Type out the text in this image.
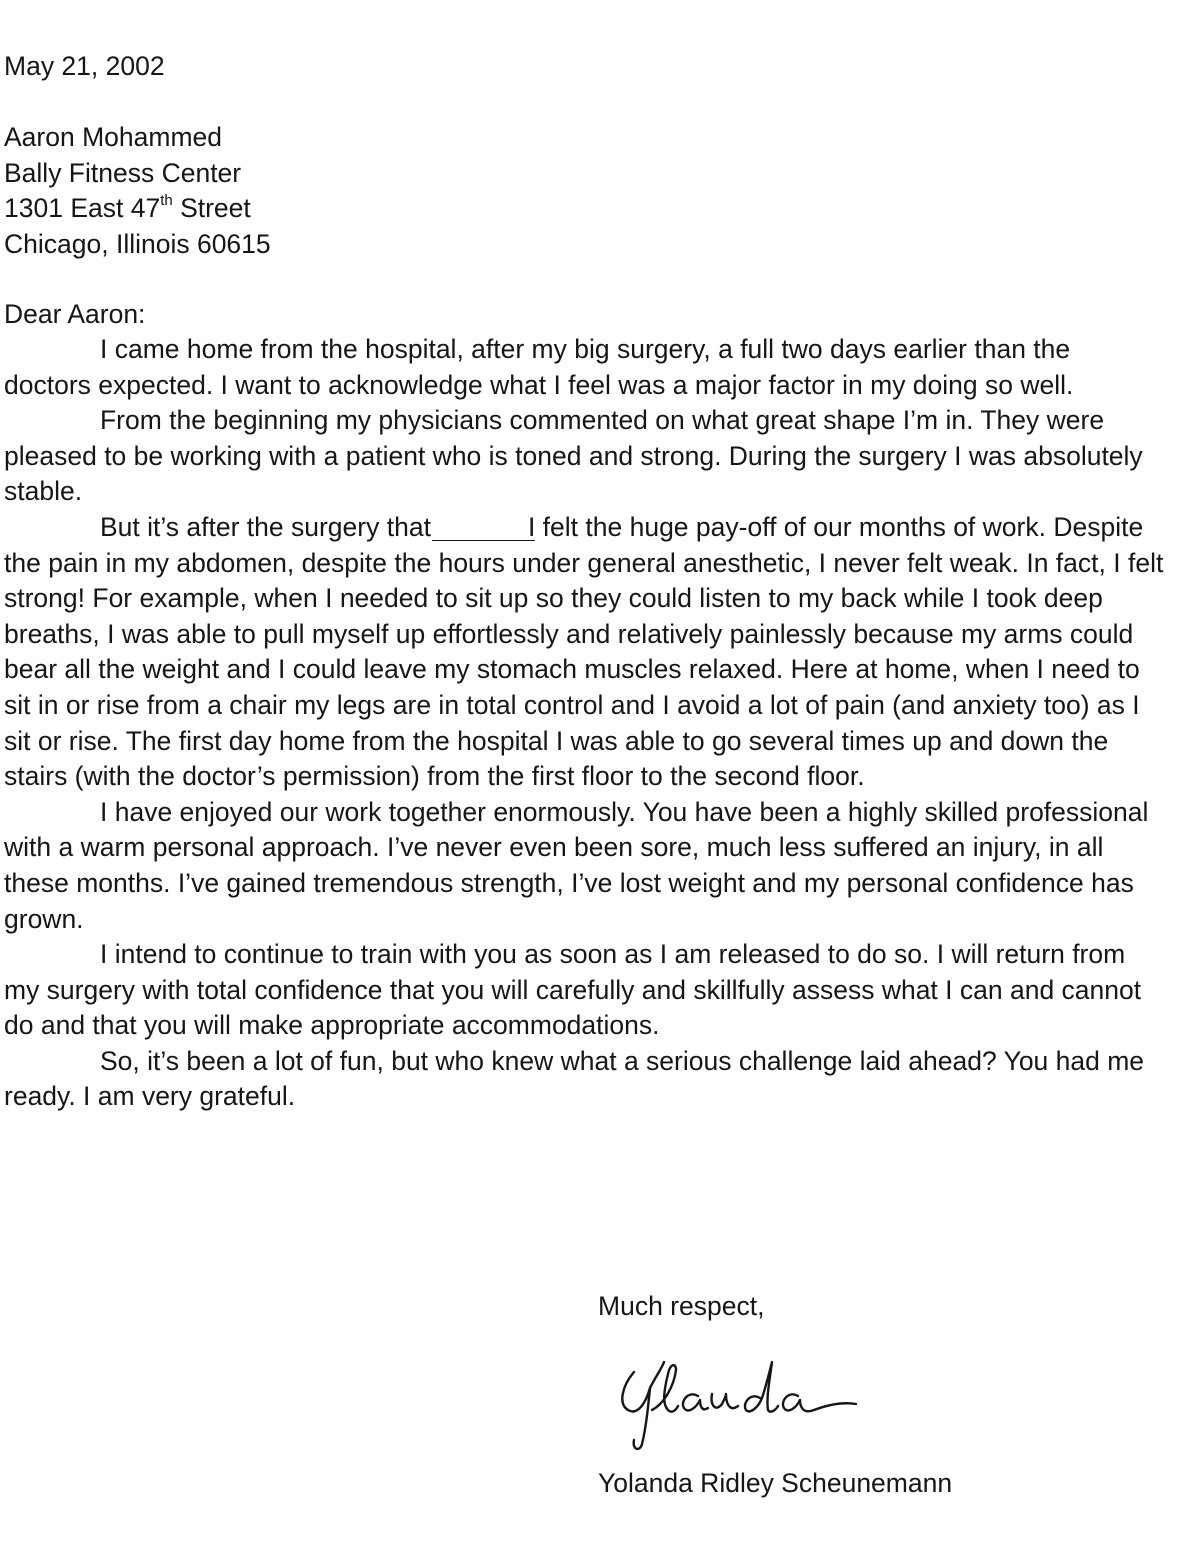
May 21, 2002
Aaron Mohammed
Bally Fitness Center
1301 East 47th Street
Chicago, Illinois 60615
Dear Aaron:

I came home from the hospital, after my big surgery, a full two days earlier than the doctors expected. I want to acknowledge what I feel was a major factor in my doing so well.

From the beginning my physicians commented on what great shape I’m in. They were pleased to be working with a patient who is toned and strong. During the surgery I was absolutely stable.

But it’s after the surgery that	I felt the huge pay-off of our months of work. Despite the pain in my abdomen, despite the hours under general anesthetic, I never felt weak. In fact, I felt strong! For example, when I needed to sit up so they could listen to my back while I took deep breaths, I was able to pull myself up effortlessly and relatively painlessly because my arms could bear all the weight and I could leave my stomach muscles relaxed. Here at home, when I need to sit in or rise from a chair my legs are in total control and I avoid a lot of pain (and anxiety too) as I sit or rise. The first day home from the hospital I was able to go several times up and down the stairs (with the doctor’s permission) from the first floor to the second floor.

I have enjoyed our work together enormously. You have been a highly skilled professional with a warm personal approach. I’ve never even been sore, much less suffered an injury, in all these months. I’ve gained tremendous strength, I’ve lost weight and my personal confidence has grown.

I intend to continue to train with you as soon as I am released to do so. I will return from my surgery with total confidence that you will carefully and skillfully assess what I can and cannot do and that you will make appropriate accommodations.

So, it’s been a lot of fun, but who knew what a serious challenge laid ahead? You had me ready. I am very grateful.

Much respect,
Yolanda Ridley Scheunemann
